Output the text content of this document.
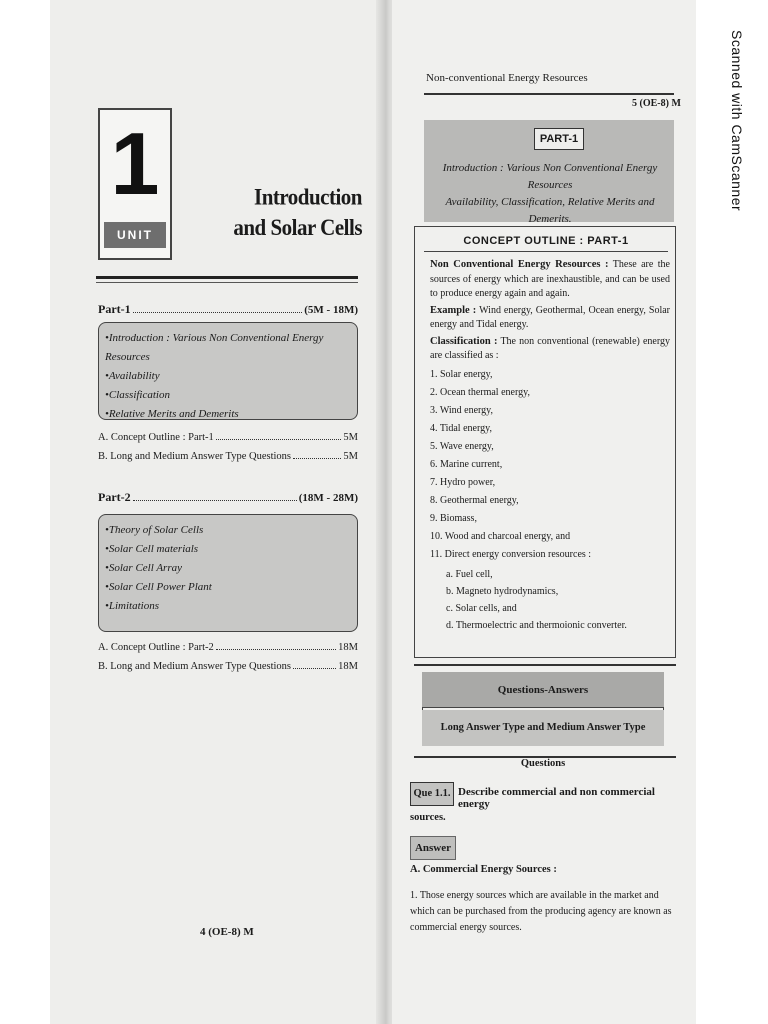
Scanned with CamScanner
1
UNIT
Introduction
and Solar Cells
Part-1	(5M - 18M)
•Introduction : Various Non Conventional Energy Resources
•Availability
•Classification
•Relative Merits and Demerits
A. Concept Outline : Part-1	5M
B. Long and Medium Answer Type Questions	5M
Part-2	(18M - 28M)
•Theory of Solar Cells
•Solar Cell materials
•Solar Cell Array
•Solar Cell Power Plant
•Limitations
A. Concept Outline : Part-2	18M
B. Long and Medium Answer Type Questions	18M
4 (OE-8) M
Non-conventional Energy Resources
5 (OE-8) M
PART-1
Introduction : Various Non Conventional Energy Resources
Availability, Classification, Relative Merits and Demerits.
CONCEPT OUTLINE : PART-1

Non Conventional Energy Resources : These are the sources of energy which are inexhaustible, and can be used to produce energy again and again.

Example : Wind energy, Geothermal, Ocean energy, Solar energy and Tidal energy.

Classification : The non conventional (renewable) energy are classified as :

1. Solar energy,
2. Ocean thermal energy,
3. Wind energy,
4. Tidal energy,
5. Wave energy,
6. Marine current,
7. Hydro power,
8. Geothermal energy,
9. Biomass,
10. Wood and charcoal energy, and
11. Direct energy conversion resources :
a. Fuel cell,
b. Magneto hydrodynamics,
c. Solar cells, and
d. Thermoelectric and thermoionic converter.
Questions-Answers
Long Answer Type and Medium Answer Type Questions
Que 1.1. Describe commercial and non commercial energy
sources.
Answer
A. Commercial Energy Sources :
1. Those energy sources which are available in the market and which can be purchased from the producing agency are known as commercial energy sources.
